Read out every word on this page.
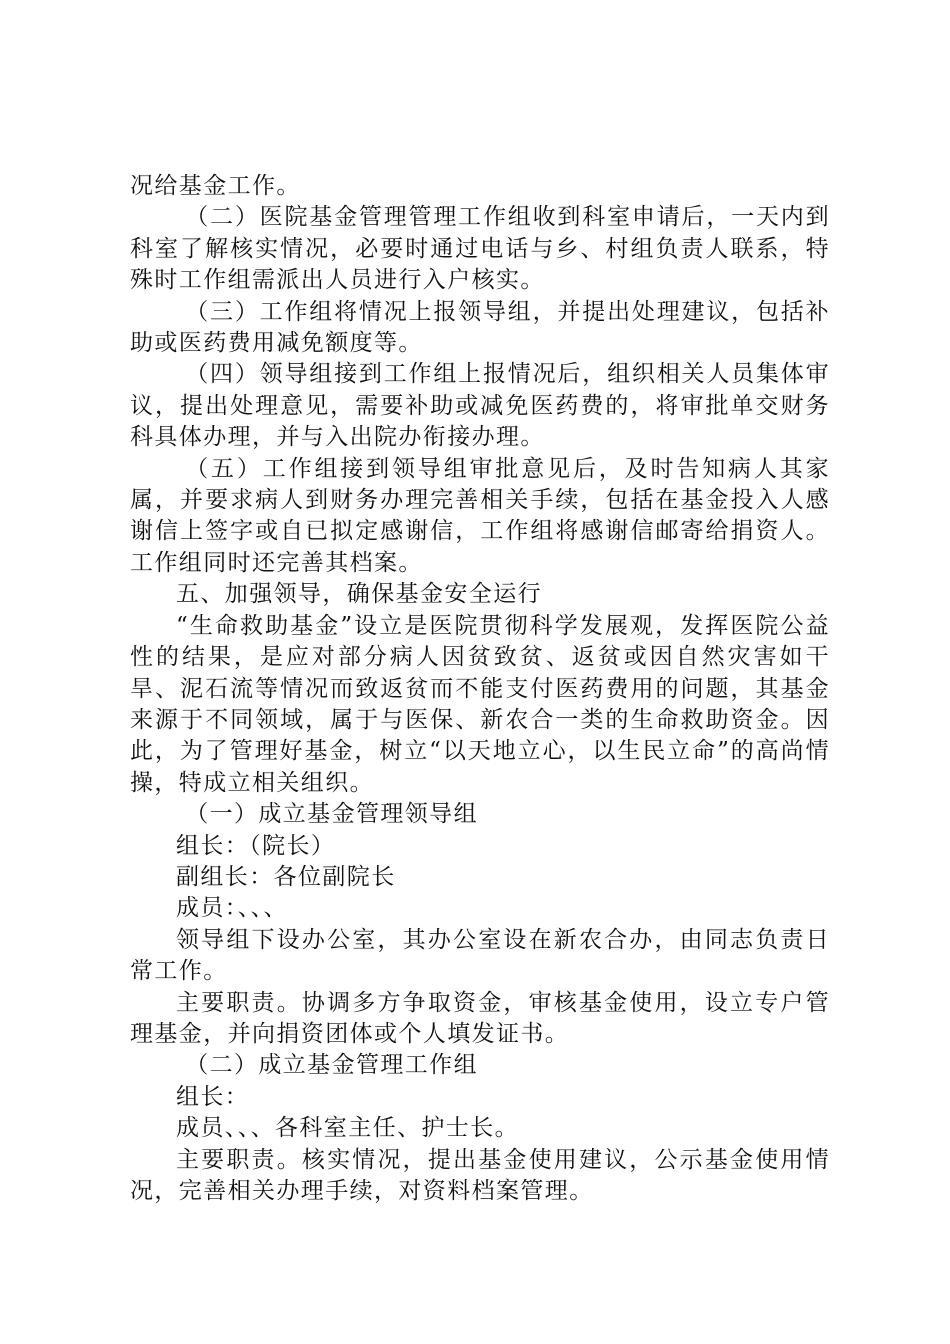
况给基金工作。

（二）医院基金管理管理工作组收到科室申请后，一天内到科室了解核实情况，必要时通过电话与乡、村组负责人联系，特殊时工作组需派出人员进行入户核实。

（三）工作组将情况上报领导组，并提出处理建议，包括补助或医药费用减免额度等。

（四）领导组接到工作组上报情况后，组织相关人员集体审议，提出处理意见，需要补助或减免医药费的，将审批单交财务科具体办理，并与入出院办衔接办理。

（五）工作组接到领导组审批意见后，及时告知病人其家属，并要求病人到财务办理完善相关手续，包括在基金投入人感谢信上签字或自已拟定感谢信，工作组将感谢信邮寄给捐资人。工作组同时还完善其档案。

五、加强领导，确保基金安全运行

“生命救助基金”设立是医院贯彻科学发展观，发挥医院公益性的结果，是应对部分病人因贫致贫、返贫或因自然灾害如干旱、泥石流等情况而致返贫而不能支付医药费用的问题，其基金来源于不同领域，属于与医保、新农合一类的生命救助资金。因此，为了管理好基金，树立“以天地立心，以生民立命”的高尚情操，特成立相关组织。

（一）成立基金管理领导组

组长：（院长）

副组长：各位副院长

成员：、、、

领导组下设办公室，其办公室设在新农合办，由同志负责日常工作。

主要职责。协调多方争取资金，审核基金使用，设立专户管理基金，并向捐资团体或个人填发证书。

（二）成立基金管理工作组

组长：

成员、、、各科室主任、护士长。

主要职责。核实情况，提出基金使用建议，公示基金使用情况，完善相关办理手续，对资料档案管理。
